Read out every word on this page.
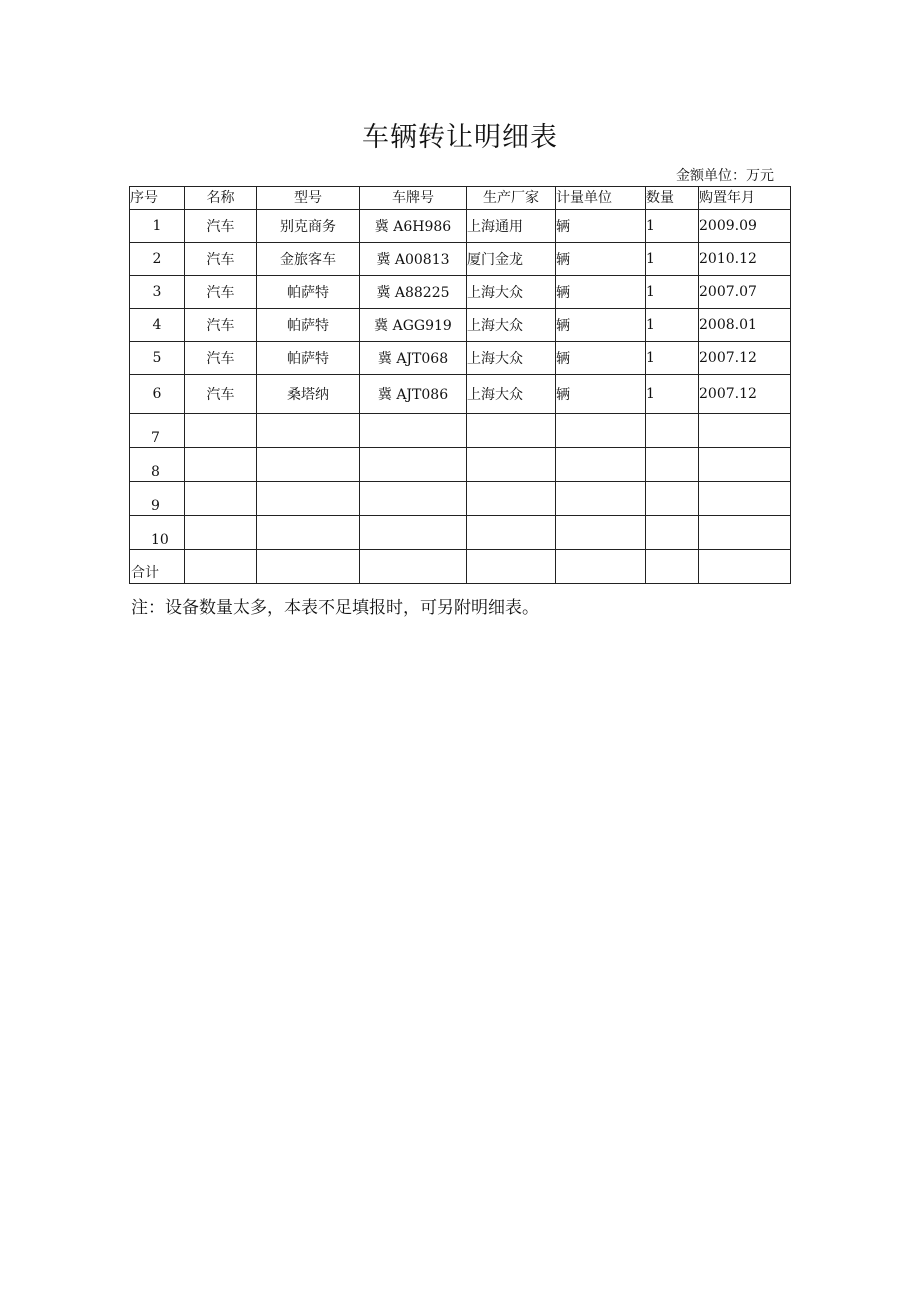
车辆转让明细表
金额单位：万元
序号	名称	型号	车牌号	生产厂家	计量单位	数量	购置年月
1	汽车	别克商务	冀 A6H986	上海通用	辆	1	2009.09
2	汽车	金旅客车	冀 A00813	厦门金龙	辆	1	2010.12
3	汽车	帕萨特	冀 A88225	上海大众	辆	1	2007.07
4	汽车	帕萨特	冀 AGG919	上海大众	辆	1	2008.01
5	汽车	帕萨特	冀 AJT068	上海大众	辆	1	2007.12
6	汽车	桑塔纳	冀 AJT086	上海大众	辆	1	2007.12
7							
8							
9							
10							
合计							
注：设备数量太多，本表不足填报时，可另附明细表。
